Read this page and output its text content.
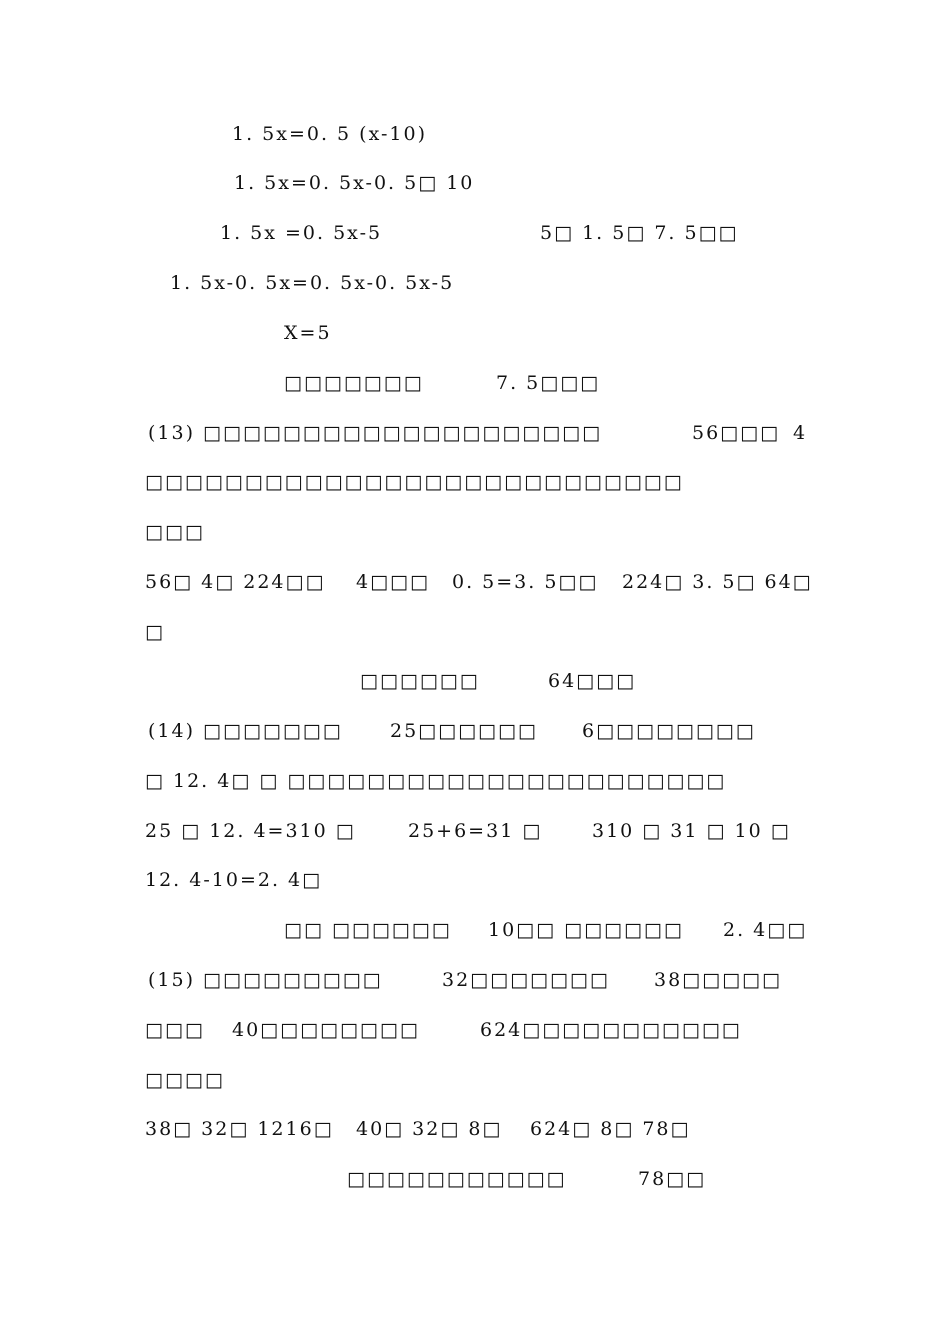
1. 5x=0. 5 (x-10)
1. 5x=0. 5x-0. 5□ 10
1. 5x =0. 5x-5	5□ 1. 5□ 7. 5□□
1. 5x-0. 5x=0. 5x-0. 5x-5
X=5
□□□□□□□	7. 5□□□
(13) □□□□□□□□□□□□□□□□□□□□	56□□□ 4
□□□□□□□□□□□□□□□□□□□□□□□□□□□
□□□
56□ 4□ 224□□ 4□□□ 0. 5=3. 5□□ 224□ 3. 5□ 64□
□
□□□□□□	64□□□
(14) □□□□□□□ 25□□□□□□ 6□□□□□□□□
□ 12. 4□ □ □□□□□□□□□□□□□□□□□□□□□□
25 □ 12. 4=310 □	25+6=31 □	310 □ 31 □ 10 □
12. 4-10=2. 4□
□□ □□□□□□ 10□□ □□□□□□ 2. 4□□
(15) □□□□□□□□□	32□□□□□□□ 38□□□□□
□□□ 40□□□□□□□□	624□□□□□□□□□□□
□□□□
38□ 32□ 1216□ 40□ 32□ 8□ 624□ 8□ 78□
□□□□□□□□□□□	78□□
